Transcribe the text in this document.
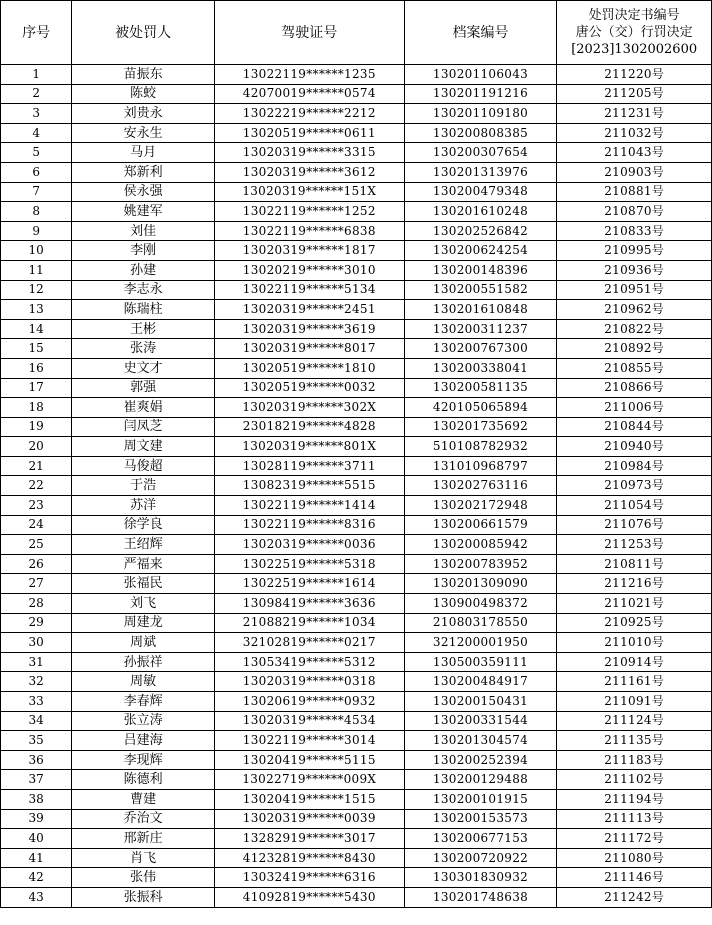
序号	被处罚人	驾驶证号	档案编号	处罚决定书编号
唐公（交）行罚决定
[2023]1302002600

1	苗振东	13022119******1235	130201106043	211220号
2	陈蛟	42070019******0574	130201191216	211205号
3	刘贵永	13022219******2212	130201109180	211231号
4	安永生	13020519******0611	130200808385	211032号
5	马月	13020319******3315	130200307654	211043号
6	郑新利	13020319******3612	130201313976	210903号
7	侯永强	13020319******151X	130200479348	210881号
8	姚建军	13022119******1252	130201610248	210870号
9	刘佳	13022119******6838	130202526842	210833号
10	李刚	13020319******1817	130200624254	210995号
11	孙建	13020219******3010	130200148396	210936号
12	李志永	13022119******5134	130200551582	210951号
13	陈瑞柱	13020319******2451	130201610848	210962号
14	王彬	13020319******3619	130200311237	210822号
15	张涛	13020319******8017	130200767300	210892号
16	史文才	13020519******1810	130200338041	210855号
17	郭强	13020519******0032	130200581135	210866号
18	崔爽娟	13020319******302X	420105065894	211006号
19	闫凤芝	23018219******4828	130201735692	210844号
20	周文建	13020319******801X	510108782932	210940号
21	马俊超	13028119******3711	131010968797	210984号
22	于浩	13082319******5515	130202763116	210973号
23	苏洋	13022119******1414	130202172948	211054号
24	徐学良	13022119******8316	130200661579	211076号
25	王绍辉	13020319******0036	130200085942	211253号
26	严福来	13022519******5318	130200783952	210811号
27	张福民	13022519******1614	130201309090	211216号
28	刘飞	13098419******3636	130900498372	211021号
29	周建龙	21088219******1034	210803178550	210925号
30	周斌	32102819******0217	321200001950	211010号
31	孙振祥	13053419******5312	130500359111	210914号
32	周敏	13020319******0318	130200484917	211161号
33	李春辉	13020619******0932	130200150431	211091号
34	张立涛	13020319******4534	130200331544	211124号
35	吕建海	13022119******3014	130201304574	211135号
36	李现辉	13020419******5115	130200252394	211183号
37	陈德利	13022719******009X	130200129488	211102号
38	曹建	13020419******1515	130200101915	211194号
39	乔治文	13020319******0039	130200153573	211113号
40	邢新庄	13282919******3017	130200677153	211172号
41	肖飞	41232819******8430	130200720922	211080号
42	张伟	13032419******6316	130301830932	211146号
43	张振科	41092819******5430	130201748638	211242号
